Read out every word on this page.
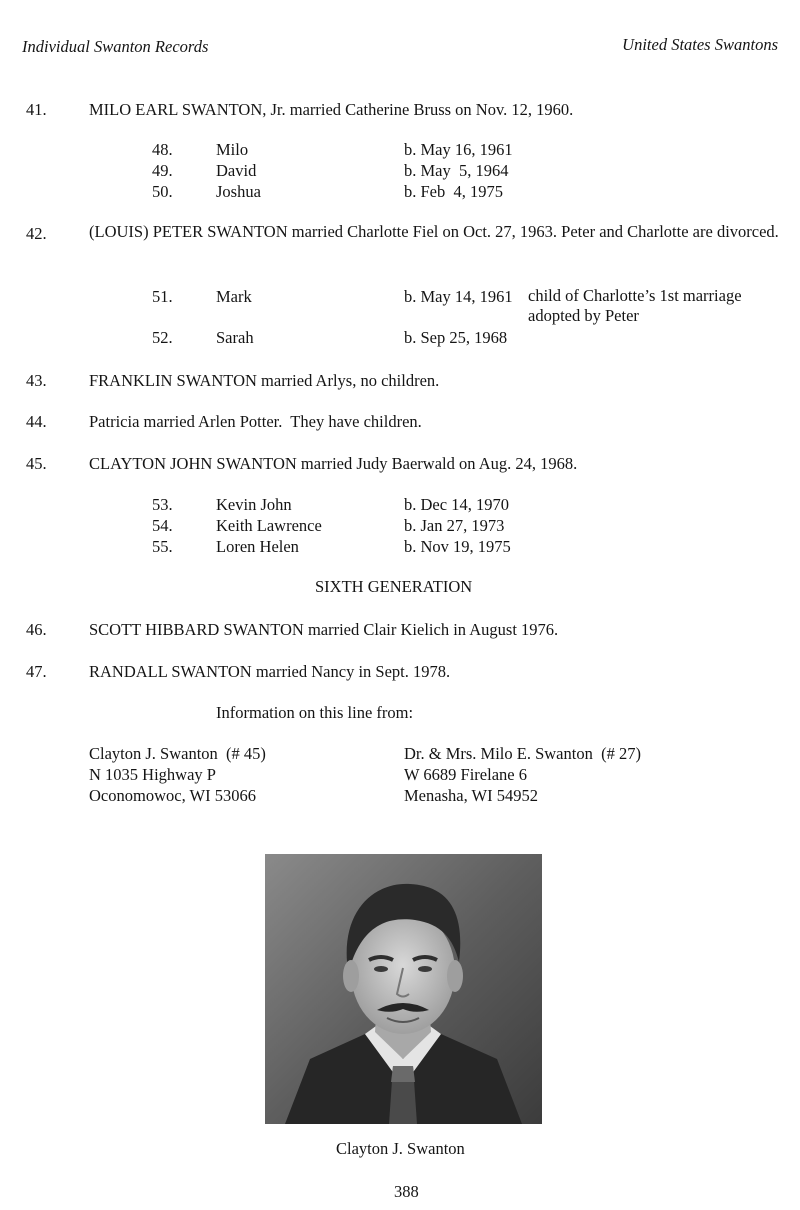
Individual Swanton Records	United States Swantons
41.	MILO EARL SWANTON, Jr. married Catherine Bruss on Nov. 12, 1960.
48.	Milo	b. May 16, 1961
49.	David	b. May  5, 1964
50.	Joshua	b. Feb  4, 1975
42.	(LOUIS) PETER SWANTON married Charlotte Fiel on Oct. 27, 1963. Peter and Charlotte are divorced.
51.	Mark	b. May 14, 1961 child of Charlotte’s 1st marriage
adopted by Peter
52.	Sarah	b. Sep 25, 1968
43.	FRANKLIN SWANTON married Arlys, no children.
44.	Patricia married Arlen Potter.  They have children.
45.	CLAYTON JOHN SWANTON married Judy Baerwald on Aug. 24, 1968.
53.	Kevin John	b. Dec 14, 1970
54.	Keith Lawrence	b. Jan 27, 1973
55.	Loren Helen	b. Nov 19, 1975
SIXTH GENERATION
46.	SCOTT HIBBARD SWANTON married Clair Kielich in August 1976.
47.	RANDALL SWANTON married Nancy in Sept. 1978.
Information on this line from:
Clayton J. Swanton  (# 45)
N 1035 Highway P
Oconomowoc, WI 53066
Dr. & Mrs. Milo E. Swanton  (# 27)
W 6689 Firelane 6
Menasha, WI 54952
Clayton J. Swanton
388
